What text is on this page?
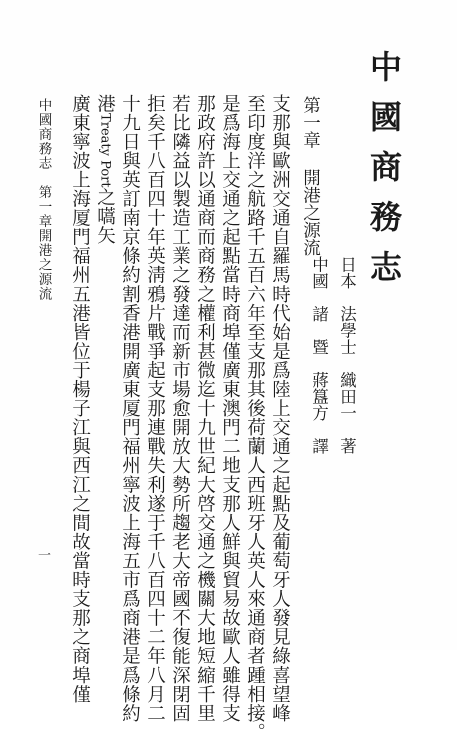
中國商務志
日本　法學士　織田一　著
中國　諸　暨　蔣簋方　譯
第一章開港之源流
支那與歐洲交通自羅馬時代始是爲陸上交通之起點及葡萄牙人發見綠喜望峰
至印度洋之航路千五百六年至支那其後荷蘭人西班牙人英人來通商者踵相接。
是爲海上交通之起點當時商埠僅廣東澳門二地支那人鮮與貿易故歐人雖得支
那政府許以通商而商務之權利甚微迄十九世紀大啓交通之機關大地短縮千里
若比隣益以製造工業之發達而新市場愈開放大勢所趨老大帝國不復能深閉固
拒矣千八百四十年英淸鴉片戰爭起支那連戰失利遂于千八百四十二年八月二
十九日與英訂南京條約割香港開廣東厦門福州寧波上海五市爲商港是爲條約
港Treaty Port之嚆矢
廣東寧波上海厦門福州五港皆位于楊子江與西江之間故當時支那之商埠僅
中國商務志　第一章開港之源流
一
